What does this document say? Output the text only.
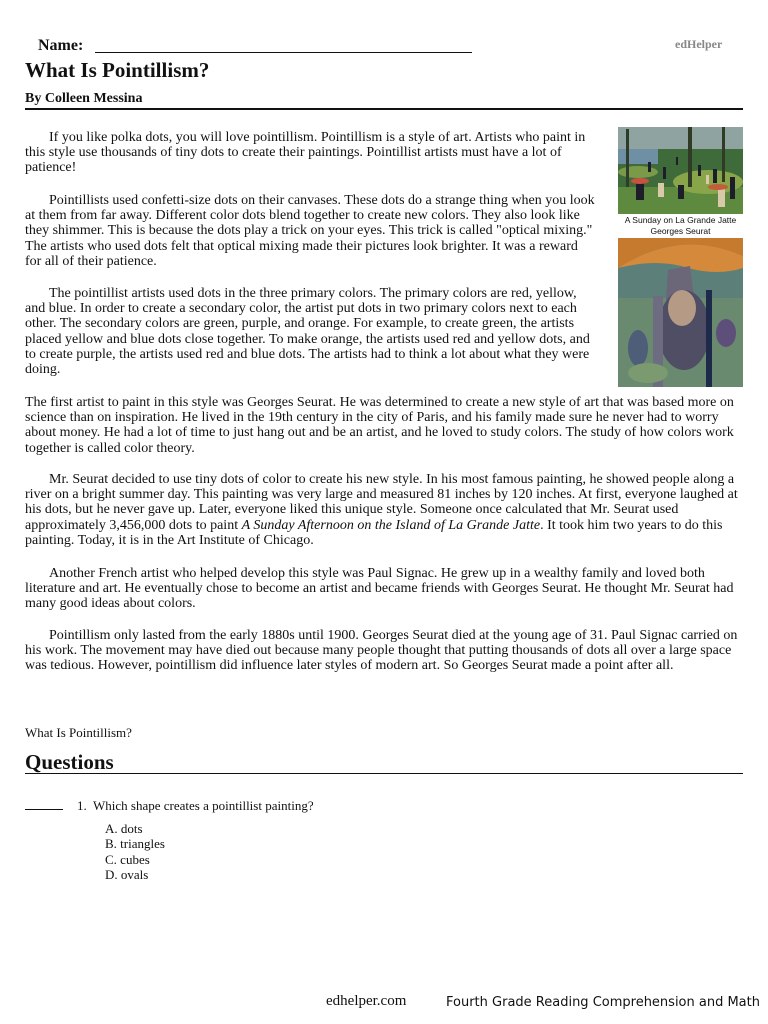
Name:	edHelper
What Is Pointillism?
By Colleen Messina
If you like polka dots, you will love pointillism. Pointillism is a style of art. Artists who paint in this style use thousands of tiny dots to create their paintings. Pointillist artists must have a lot of patience!
Pointillists used confetti-size dots on their canvases. These dots do a strange thing when you look at them from far away. Different color dots blend together to create new colors. They also look like they shimmer. This is because the dots play a trick on your eyes. This trick is called "optical mixing." The artists who used dots felt that optical mixing made their pictures look brighter. It was a reward for all of their patience.
The pointillist artists used dots in the three primary colors. The primary colors are red, yellow, and blue. In order to create a secondary color, the artist put dots in two primary colors next to each other. The secondary colors are green, purple, and orange. For example, to create green, the artists placed yellow and blue dots close together. To make orange, the artists used red and yellow dots, and to create purple, the artists used red and blue dots. The artists had to think a lot about what they were doing.
The first artist to paint in this style was Georges Seurat. He was determined to create a new style of art that was based more on science than on inspiration. He lived in the 19th century in the city of Paris, and his family made sure he never had to worry about money. He had a lot of time to just hang out and be an artist, and he loved to study colors. The study of how colors work together is called color theory.
Mr. Seurat decided to use tiny dots of color to create his new style. In his most famous painting, he showed people along a river on a bright summer day. This painting was very large and measured 81 inches by 120 inches. At first, everyone laughed at his dots, but he never gave up. Later, everyone liked this unique style. Someone once calculated that Mr. Seurat used approximately 3,456,000 dots to paint A Sunday Afternoon on the Island of La Grande Jatte. It took him two years to do this painting. Today, it is in the Art Institute of Chicago.
Another French artist who helped develop this style was Paul Signac. He grew up in a wealthy family and loved both literature and art. He eventually chose to become an artist and became friends with Georges Seurat. He thought Mr. Seurat had many good ideas about colors.
Pointillism only lasted from the early 1880s until 1900. Georges Seurat died at the young age of 31. Paul Signac carried on his work. The movement may have died out because many people thought that putting thousands of dots all over a large space was tedious. However, pointillism did influence later styles of modern art. So Georges Seurat made a point after all.
A Sunday on La Grande Jatte
Georges Seurat
What Is Pointillism?
Questions
1. Which shape creates a pointillist painting?
A. dots
B. triangles
C. cubes
D. ovals
edhelper.com	Fourth Grade Reading Comprehension and Math
